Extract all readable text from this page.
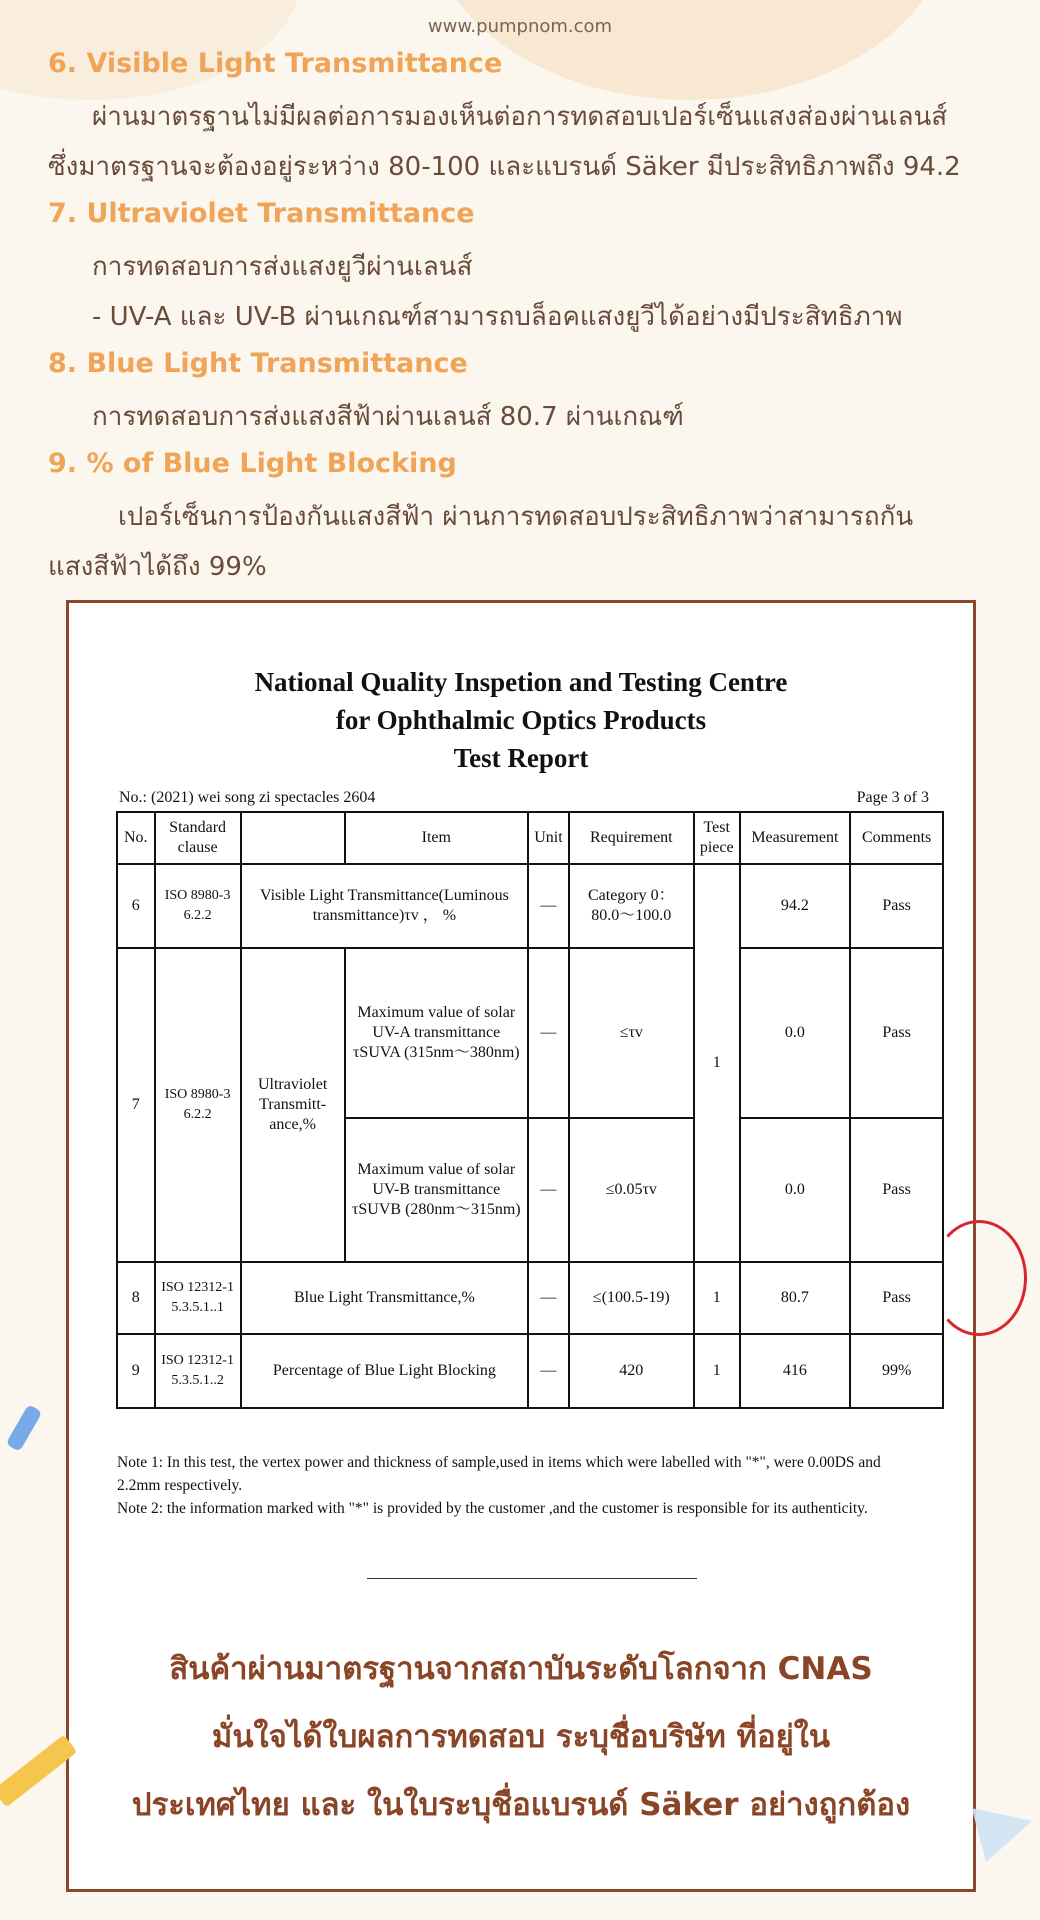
www.pumpnom.com
6. Visible Light Transmittance
ผ่านมาตรฐานไม่มีผลต่อการมองเห็นต่อการทดสอบเปอร์เซ็นแสงส่องผ่านเลนส์
ซึ่งมาตรฐานจะต้องอยู่ระหว่าง 80-100 และแบรนด์ Säker มีประสิทธิภาพถึง 94.2
7. Ultraviolet Transmittance
การทดสอบการส่งแสงยูวีผ่านเลนส์
- UV-A และ UV-B ผ่านเกณฑ์สามารถบล็อคแสงยูวีได้อย่างมีประสิทธิภาพ
8. Blue Light Transmittance
การทดสอบการส่งแสงสีฟ้าผ่านเลนส์ 80.7 ผ่านเกณฑ์
9. % of Blue Light Blocking
เปอร์เซ็นการป้องกันแสงสีฟ้า ผ่านการทดสอบประสิทธิภาพว่าสามารถกัน
แสงสีฟ้าได้ถึง 99%
National Quality Inspetion and Testing Centre
for Ophthalmic Optics Products
Test Report
No.: (2021) wei song zi spectacles 2604	Page 3 of 3
No.	Standard clause		Item	Unit	Requirement	Test piece	Measurement	Comments
6	ISO 8980-3 6.2.2	Visible Light Transmittance(Luminous transmittance)τv ， %		—	Category 0： 80.0～100.0	1	94.2	Pass
7	ISO 8980-3 6.2.2	Ultraviolet Transmitt- ance,%	Maximum value of solar UV-A transmittance τSUVA (315nm～380nm)	—	≤τv		0.0	Pass
			Maximum value of solar UV-B transmittance τSUVB (280nm～315nm)	—	≤0.05τv		0.0	Pass
8	ISO 12312-1 5.3.5.1..1	Blue Light Transmittance,%		—	≤(100.5-19)	1	80.7	Pass
9	ISO 12312-1 5.3.5.1..2	Percentage of Blue Light Blocking		—	420	1	416	99%
Note 1: In this test, the vertex power and thickness of sample,used in items which were labelled with "*", were 0.00DS and 2.2mm respectively.
Note 2: the information marked with "*" is provided by the customer ,and the customer is responsible for its authenticity.
สินค้าผ่านมาตรฐานจากสถาบันระดับโลกจาก CNAS
มั่นใจได้ใบผลการทดสอบ ระบุชื่อบริษัท ที่อยู่ใน
ประเทศไทย และ ในใบระบุชื่อแบรนด์ Säker อย่างถูกต้อง
